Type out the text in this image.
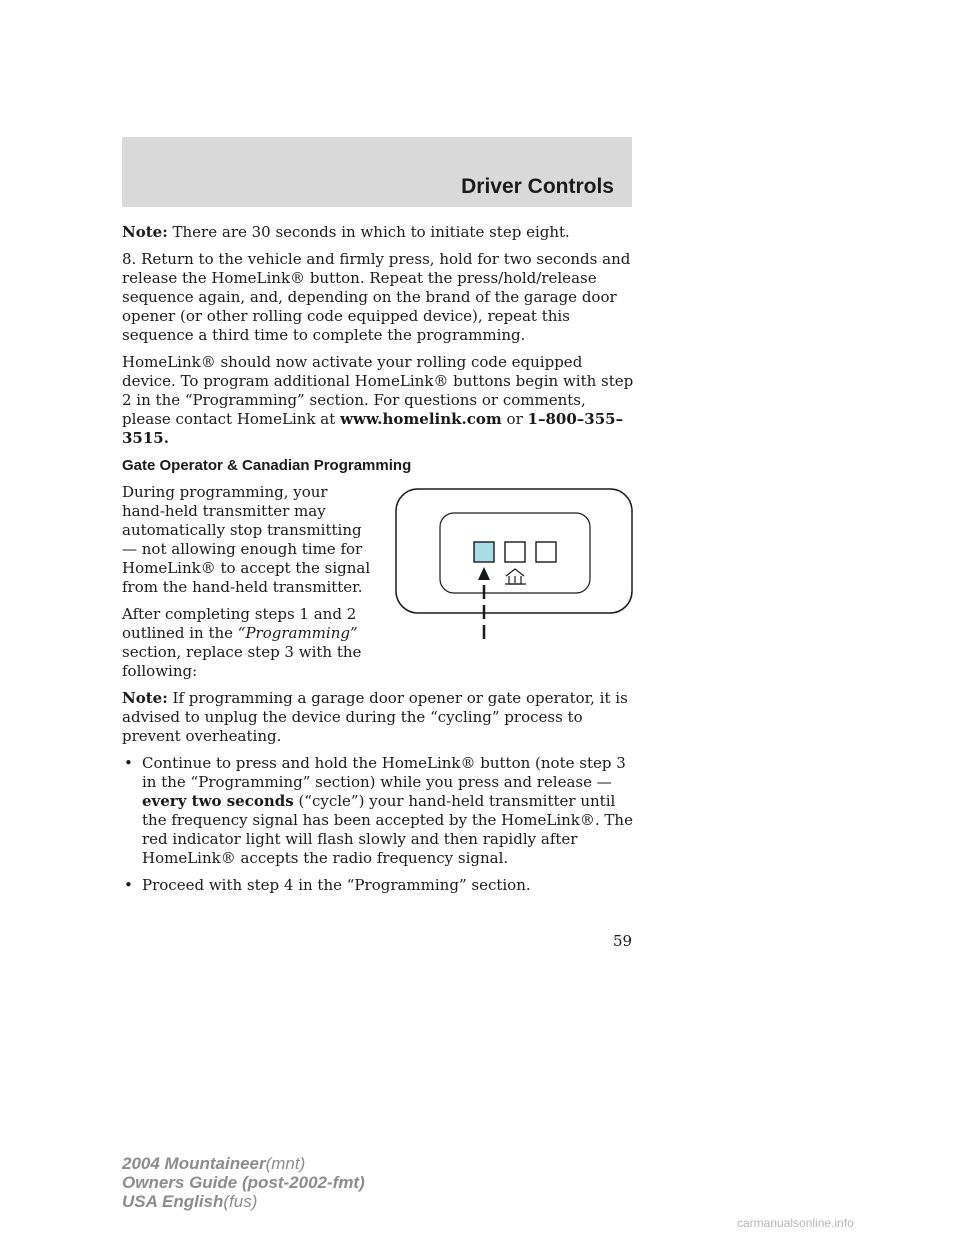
Driver Controls

Note: There are 30 seconds in which to initiate step eight.

8. Return to the vehicle and firmly press, hold for two seconds and release the HomeLink® button. Repeat the press/hold/release sequence again, and, depending on the brand of the garage door opener (or other rolling code equipped device), repeat this sequence a third time to complete the programming.

HomeLink® should now activate your rolling code equipped device. To program additional HomeLink® buttons begin with step 2 in the “Programming” section. For questions or comments, please contact HomeLink at www.homelink.com or 1–800–355–3515.

Gate Operator & Canadian Programming

During programming, your hand-held transmitter may automatically stop transmitting — not allowing enough time for HomeLink® to accept the signal from the hand-held transmitter.

After completing steps 1 and 2 outlined in the “Programming” section, replace step 3 with the following:

Note: If programming a garage door opener or gate operator, it is advised to unplug the device during the “cycling” process to prevent overheating.

• Continue to press and hold the HomeLink® button (note step 3 in the “Programming” section) while you press and release — every two seconds (“cycle”) your hand-held transmitter until the frequency signal has been accepted by the HomeLink®. The red indicator light will flash slowly and then rapidly after HomeLink® accepts the radio frequency signal.

• Proceed with step 4 in the “Programming” section.

59
2004 Mountaineer(mnt)
Owners Guide (post-2002-fmt)
USA English(fus)
carmanualsonline.info
